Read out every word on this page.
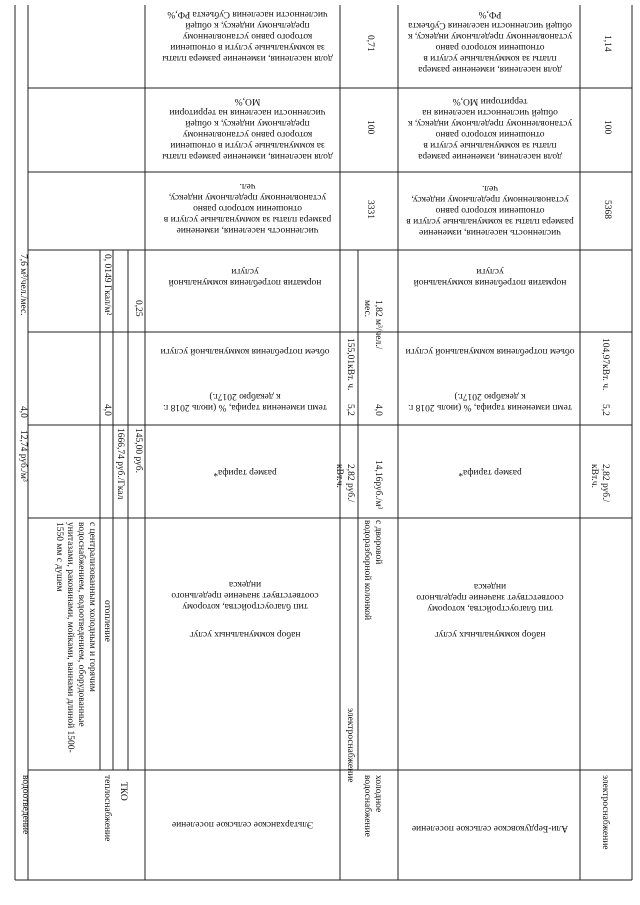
Эльтарханское сельское поселение
набор коммунальных услуг
тип благоустройства, которому соответствует значение предельного индекса
размер тарифа*
темп изменения тарифа, % (июль 2018 г. к декабрю 2017г.)
объем потребления коммунальной услуги
норматив потребления коммунальной услуги
численность населения, изменение размера платы за коммунальные услуги в отношении которого равно установленному предельному индексу, чел.
доля населения, изменение размера платы за коммунальные услуги в отношении которого равно установленному предельному индексу, к общей численности населения на территории МО,%
доля населения, изменение размера платы за коммунальные услуги в отношении которого равно установленному предельному индексу, к общей численности населения Субъекта РФ,%
водоотведение
с централизованным холодным и горячим водоснабжением, водоотведением, оборудованные унитазами, раковинами, мойками, ваннами длиной 1500- 1550 мм с душем
12,74 руб./м³
4,0
7,6 м³/чел./мес.
теплоснабжение
отопление
1666,74 руб./Гкал
4,0
0, 0149 Гкал/м²
ТКО
145,00 руб.
0,25
электроснабжение
2,82 руб./кВт.ч.
5,2
155,01кВт. ч.
холодное водоснабжение
с дворовой водоразборной колонкой
14,16руб./м³
4,0
1,82 м³/чел./мес.
3331
100
0,71
Али-Бердуковское сельское поселение
набор коммунальных услуг
тип благоустройства, которому соответствует значение предельного индекса
размер тарифа*
темп изменения тарифа, % (июль 2018 г. к декабрю 2017г.)
объем потребления коммунальной услуги
норматив потребления коммунальной услуги
численность населения, изменение размера платы за коммунальные услуги в отношении которого равно установленному предельному индексу, чел.
доля населения, изменение размера платы за коммунальные услуги в отношении которого равно установленному предельному индексу, к общей численности населения на территории МО,%
доля населения, изменение размера платы за коммунальные услуги в отношении которого равно установленному предельному индексу, к общей численности населения Субъекта РФ,%
электроснабжение
2,82 руб./кВт.ч.
5,2
104,97кВт. ч.
5368
100
1,14
